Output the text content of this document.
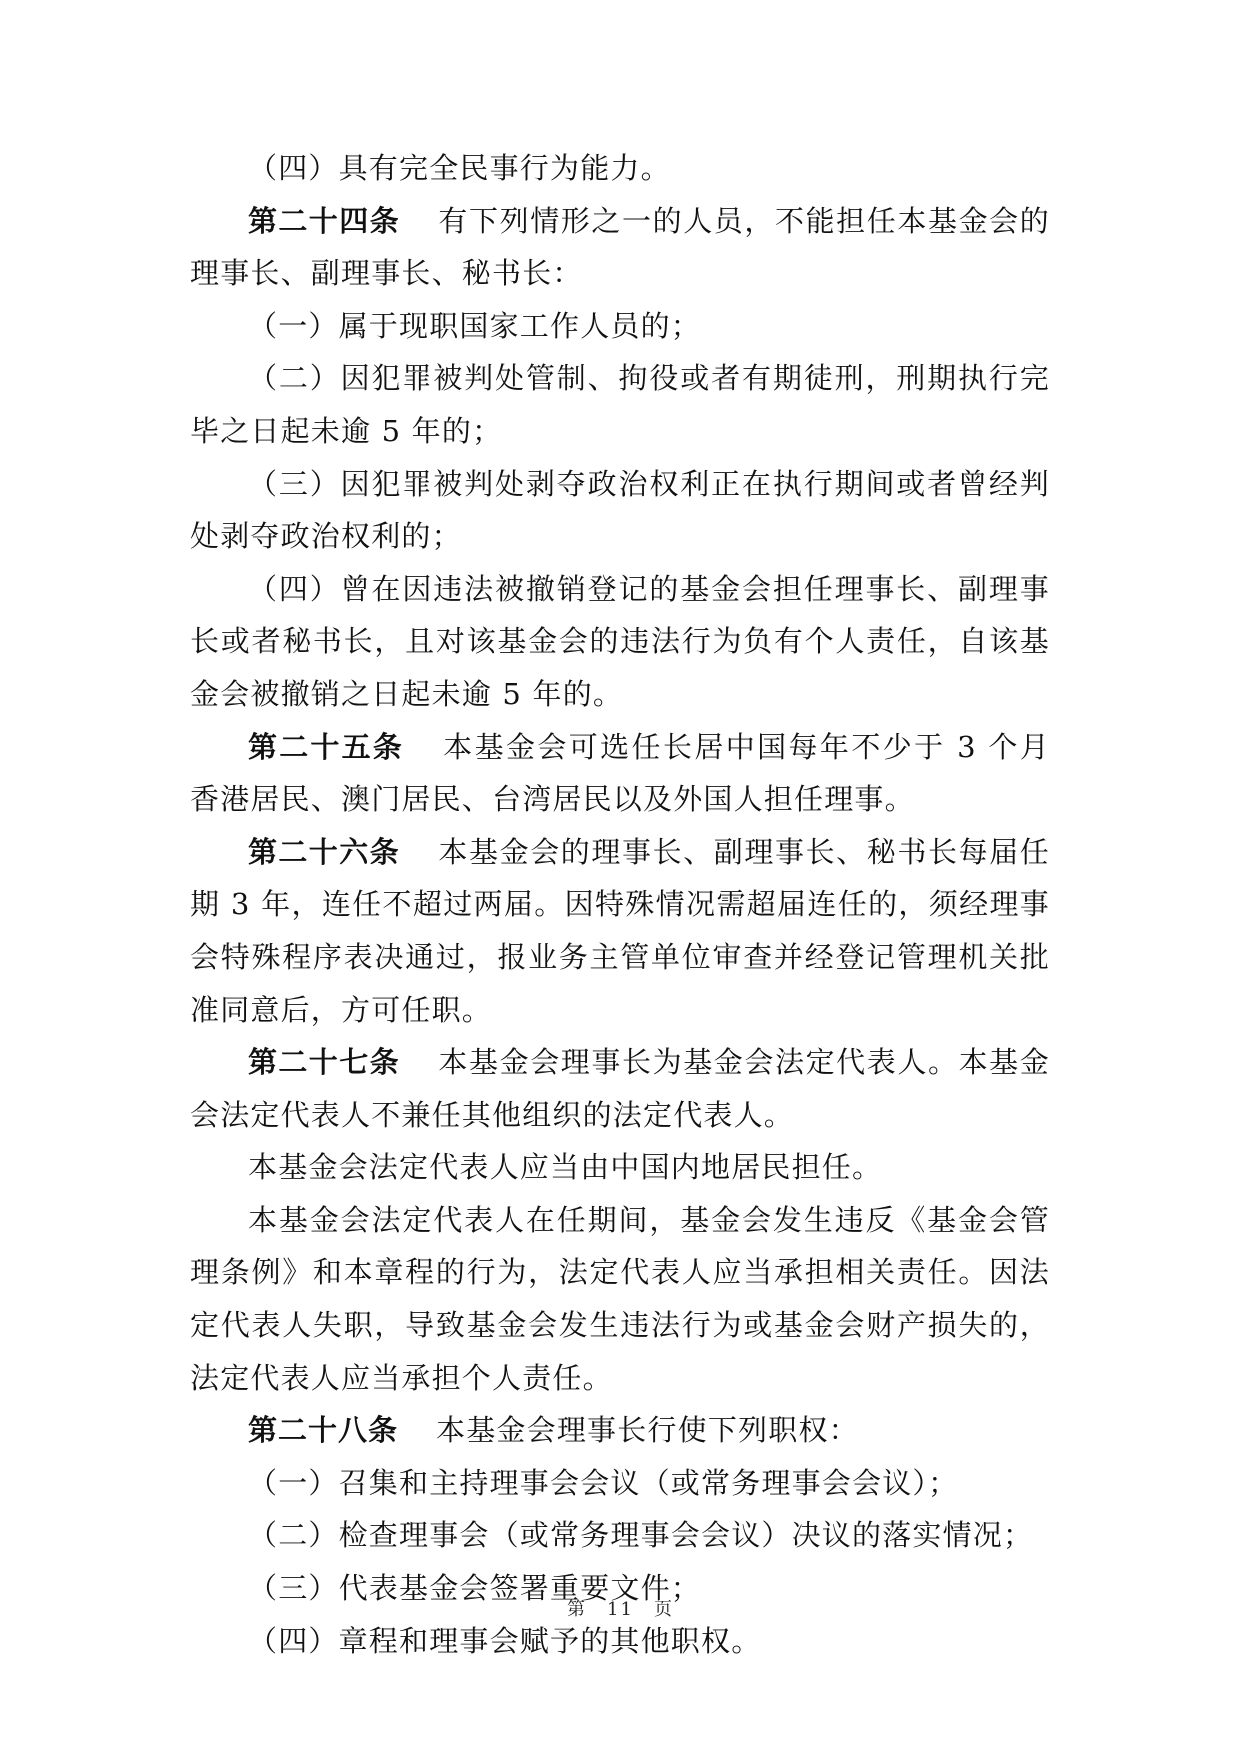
（四）具有完全民事行为能力。
第二十四条 有下列情形之一的人员，不能担任本基金会的
理事长、副理事长、秘书长：
（一）属于现职国家工作人员的；
（二）因犯罪被判处管制、拘役或者有期徒刑，刑期执行完
毕之日起未逾 5 年的；
（三）因犯罪被判处剥夺政治权利正在执行期间或者曾经判
处剥夺政治权利的；
（四）曾在因违法被撤销登记的基金会担任理事长、副理事
长或者秘书长，且对该基金会的违法行为负有个人责任，自该基
金会被撤销之日起未逾 5 年的。
第二十五条 本基金会可选任长居中国每年不少于 3 个月
香港居民、澳门居民、台湾居民以及外国人担任理事。
第二十六条 本基金会的理事长、副理事长、秘书长每届任
期 3 年，连任不超过两届。因特殊情况需超届连任的，须经理事
会特殊程序表决通过，报业务主管单位审查并经登记管理机关批
准同意后，方可任职。
第二十七条 本基金会理事长为基金会法定代表人。本基金
会法定代表人不兼任其他组织的法定代表人。
本基金会法定代表人应当由中国内地居民担任。
本基金会法定代表人在任期间，基金会发生违反《基金会管
理条例》和本章程的行为，法定代表人应当承担相关责任。因法
定代表人失职，导致基金会发生违法行为或基金会财产损失的，
法定代表人应当承担个人责任。
第二十八条 本基金会理事长行使下列职权：
（一）召集和主持理事会会议（或常务理事会会议）；
（二）检查理事会（或常务理事会会议）决议的落实情况；
（三）代表基金会签署重要文件；
（四）章程和理事会赋予的其他职权。
第 11 页
